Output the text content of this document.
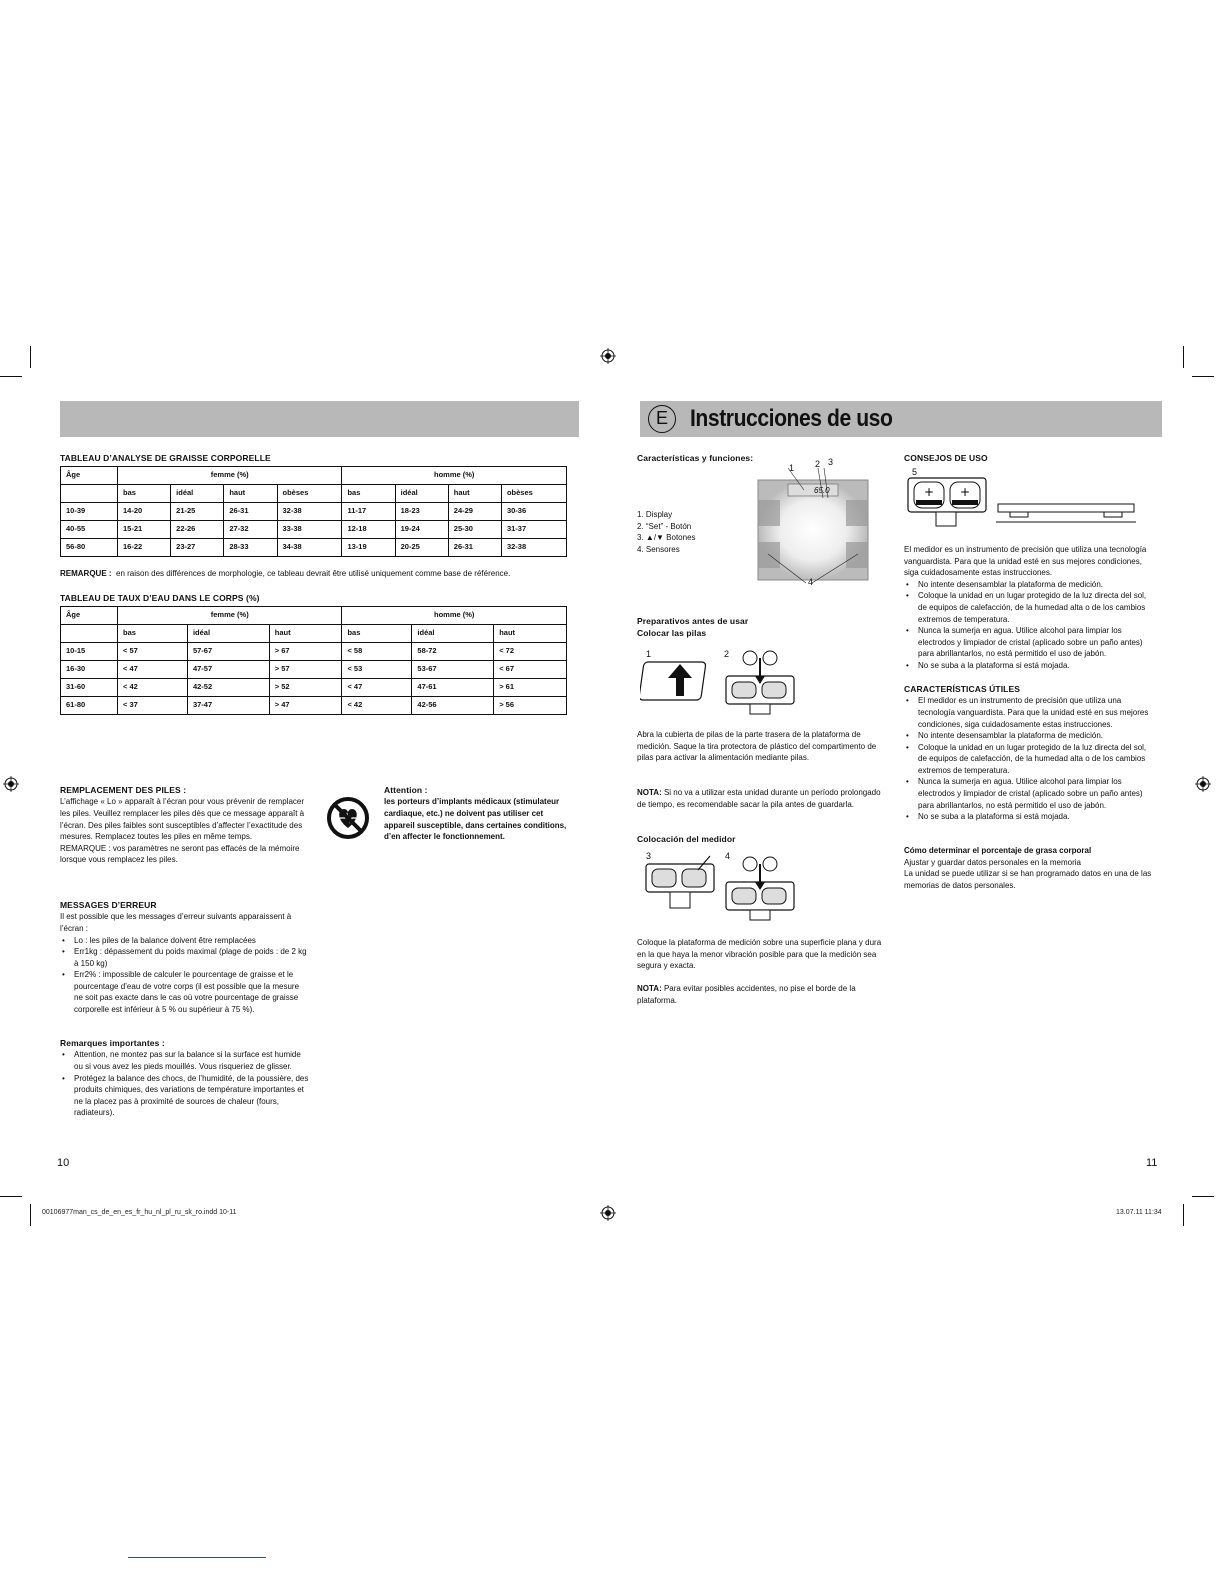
E Instrucciones de uso
TABLEAU D’ANALYSE DE GRAISSE CORPORELLE
Âge	femme (%)				homme (%)			
	bas	idéal	haut	obèses	bas	idéal	haut	obèses
10-39	14-20	21-25	26-31	32-38	11-17	18-23	24-29	30-36
40-55	15-21	22-26	27-32	33-38	12-18	19-24	25-30	31-37
56-80	16-22	23-27	28-33	34-38	13-19	20-25	26-31	32-38
REMARQUE : en raison des différences de morphologie, ce tableau devrait être utilisé uniquement comme base de référence.
TABLEAU DE TAUX D’EAU DANS LE CORPS (%)
Âge	femme (%)			homme (%)		
	bas	idéal	haut	bas	idéal	haut
10-15	< 57	57-67	> 67	< 58	58-72	< 72
16-30	< 47	47-57	> 57	< 53	53-67	< 67
31-60	< 42	42-52	> 52	< 47	47-61	> 61
61-80	< 37	37-47	> 47	< 42	42-56	> 56
REMPLACEMENT DES PILES :
L’affichage « Lo » apparaît à l’écran pour vous prévenir de remplacer les piles. Veuillez remplacer les piles dès que ce message apparaît à l’écran. Des piles faibles sont susceptibles d’affecter l’exactitude des mesures. Remplacez toutes les piles en même temps.
REMARQUE : vos paramètres ne seront pas effacés de la mémoire lorsque vous remplacez les piles.
Attention :
les porteurs d’implants médicaux (stimulateur cardiaque, etc.) ne doivent pas utiliser cet appareil susceptible, dans certaines conditions, d’en affecter le fonctionnement.
MESSAGES D’ERREUR
Il est possible que les messages d’erreur suivants apparaissent à l’écran :
• Lo : les piles de la balance doivent être remplacées
• Err1kg : dépassement du poids maximal (plage de poids : de 2 kg à 150 kg)
• Err2% : impossible de calculer le pourcentage de graisse et le pourcentage d’eau de votre corps (il est possible que la mesure ne soit pas exacte dans le cas où votre pourcentage de graisse corporelle est inférieur à 5 % ou supérieur à 75 %).
Remarques importantes :
• Attention, ne montez pas sur la balance si la surface est humide ou si vous avez les pieds mouillés. Vous risqueriez de glisser.
• Protégez la balance des chocs, de l’humidité, de la poussière, des produits chimiques, des variations de température importantes et ne la placez pas à proximité de sources de chaleur (fours, radiateurs).
10
Características y funciones:
1. Display
2. “Set” - Botón
3. ▲/▼ Botones
4. Sensores
1 2 3
4
65.0
Preparativos antes de usar
Colocar las pilas
1	2
Abra la cubierta de pilas de la parte trasera de la plataforma de medición. Saque la tira protectora de plástico del compartimento de pilas para activar la alimentación mediante pilas.
NOTA: Si no va a utilizar esta unidad durante un período prolongado de tiempo, es recomendable sacar la pila antes de guardarla.
Colocación del medidor
3	4
Coloque la plataforma de medición sobre una superficie plana y dura en la que haya la menor vibración posible para que la medición sea segura y exacta.
NOTA: Para evitar posibles accidentes, no pise el borde de la plataforma.
CONSEJOS DE USO
5
+ +
El medidor es un instrumento de precisión que utiliza una tecnología vanguardista. Para que la unidad esté en sus mejores condiciones, siga cuidadosamente estas instrucciones.
• No intente desensamblar la plataforma de medición.
• Coloque la unidad en un lugar protegido de la luz directa del sol, de equipos de calefacción, de la humedad alta o de los cambios extremos de temperatura.
• Nunca la sumerja en agua. Utilice alcohol para limpiar los electrodos y limpiador de cristal (aplicado sobre un paño antes) para abrillantarlos, no está permitido el uso de jabón.
• No se suba a la plataforma si está mojada.
CARACTERÍSTICAS ÚTILES
• El medidor es un instrumento de precisión que utiliza una tecnología vanguardista. Para que la unidad esté en sus mejores condiciones, siga cuidadosamente estas instrucciones.
• No intente desensamblar la plataforma de medición.
• Coloque la unidad en un lugar protegido de la luz directa del sol, de equipos de calefacción, de la humedad alta o de los cambios extremos de temperatura.
• Nunca la sumerja en agua. Utilice alcohol para limpiar los electrodos y limpiador de cristal (aplicado sobre un paño antes) para abrillantarlos, no está permitido el uso de jabón.
• No se suba a la plataforma si está mojada.
Cómo determinar el porcentaje de grasa corporal
Ajustar y guardar datos personales en la memoria
La unidad se puede utilizar si se han programado datos en una de las memorias de datos personales.
11
00106977man_cs_de_en_es_fr_hu_nl_pl_ru_sk_ro.indd 10-11	13.07.11 11:34
